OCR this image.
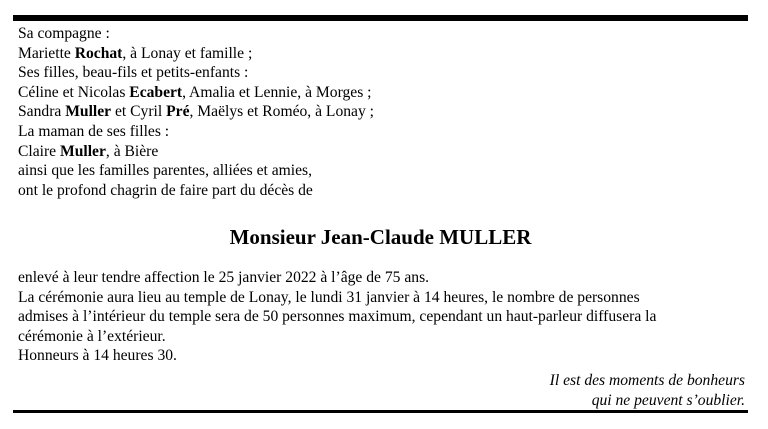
Sa compagne :
Mariette Rochat, à Lonay et famille ;
Ses filles, beau-fils et petits-enfants :
Céline et Nicolas Ecabert, Amalia et Lennie, à Morges ;
Sandra Muller et Cyril Pré, Maëlys et Roméo, à Lonay ;
La maman de ses filles :
Claire Muller, à Bière
ainsi que les familles parentes, alliées et amies,
ont le profond chagrin de faire part du décès de
Monsieur Jean-Claude MULLER
enlevé à leur tendre affection le 25 janvier 2022 à l’âge de 75 ans.
La cérémonie aura lieu au temple de Lonay, le lundi 31 janvier à 14 heures, le nombre de personnes
admises à l’intérieur du temple sera de 50 personnes maximum, cependant un haut-parleur diffusera la
cérémonie à l’extérieur.
Honneurs à 14 heures 30.
Il est des moments de bonheurs
qui ne peuvent s’oublier.
